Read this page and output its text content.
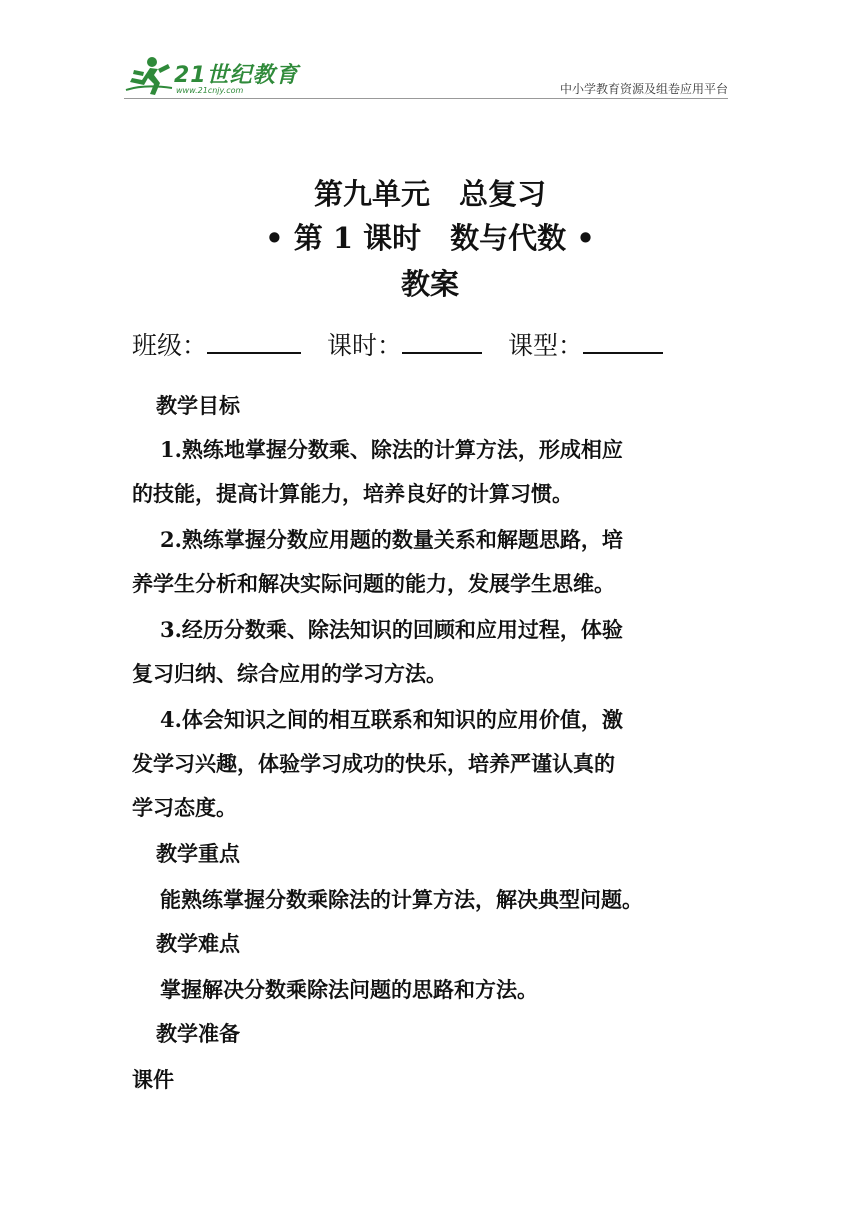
21世纪教育
www.21cnjy.com	中小学教育资源及组卷应用平台
第九单元　总复习
• 第 1 课时　数与代数 •
教案
班级：	课时：	课型：
教学目标
1.熟练地掌握分数乘、除法的计算方法，形成相应
的技能，提高计算能力，培养良好的计算习惯。
2.熟练掌握分数应用题的数量关系和解题思路，培
养学生分析和解决实际问题的能力，发展学生思维。
3.经历分数乘、除法知识的回顾和应用过程，体验
复习归纳、综合应用的学习方法。
4.体会知识之间的相互联系和知识的应用价值，激
发学习兴趣，体验学习成功的快乐，培养严谨认真的
学习态度。
教学重点
能熟练掌握分数乘除法的计算方法，解决典型问题。
教学难点
掌握解决分数乘除法问题的思路和方法。
教学准备
课件
